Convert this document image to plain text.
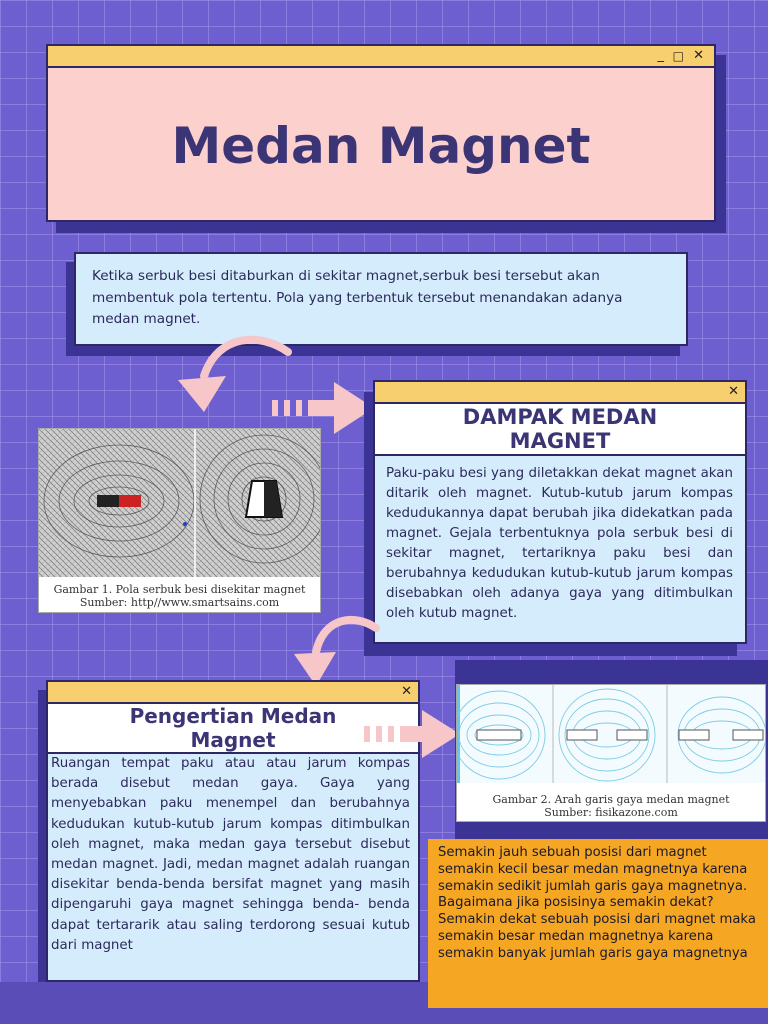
_ □ ✕
Medan Magnet
Ketika serbuk besi ditaburkan di sekitar magnet,serbuk besi tersebut akan membentuk pola tertentu. Pola yang terbentuk tersebut menandakan adanya medan magnet.
Gambar 1. Pola serbuk besi disekitar magnet
Sumber: http//www.smartsains.com
✕
DAMPAK MEDAN
MAGNET
Paku-paku besi yang diletakkan dekat magnet akan ditarik oleh magnet. Kutub-kutub jarum kompas kedudukannya dapat berubah jika didekatkan pada magnet. Gejala terbentuknya pola serbuk besi di sekitar magnet, tertariknya paku besi dan berubahnya kedudukan kutub-kutub jarum kompas disebabkan oleh adanya gaya yang ditimbulkan oleh kutub magnet.
✕
Pengertian Medan
Magnet
Ruangan tempat paku atau atau jarum kompas berada disebut medan gaya. Gaya yang menyebabkan paku menempel dan berubahnya kedudukan kutub-kutub jarum kompas ditimbulkan oleh magnet, maka medan gaya tersebut disebut medan magnet. Jadi, medan magnet adalah ruangan disekitar benda-benda bersifat magnet yang masih dipengaruhi gaya magnet sehingga benda- benda dapat tertararik atau saling terdorong sesuai kutub dari magnet
Gambar 2. Arah garis gaya medan magnet
Sumber: fisikazone.com
Semakin jauh sebuah posisi dari magnet semakin kecil besar medan magnetnya karena semakin sedikit jumlah garis gaya magnetnya. Bagaimana jika posisinya semakin dekat? Semakin dekat sebuah posisi dari magnet maka semakin besar medan magnetnya karena semakin banyak jumlah garis gaya magnetnya
